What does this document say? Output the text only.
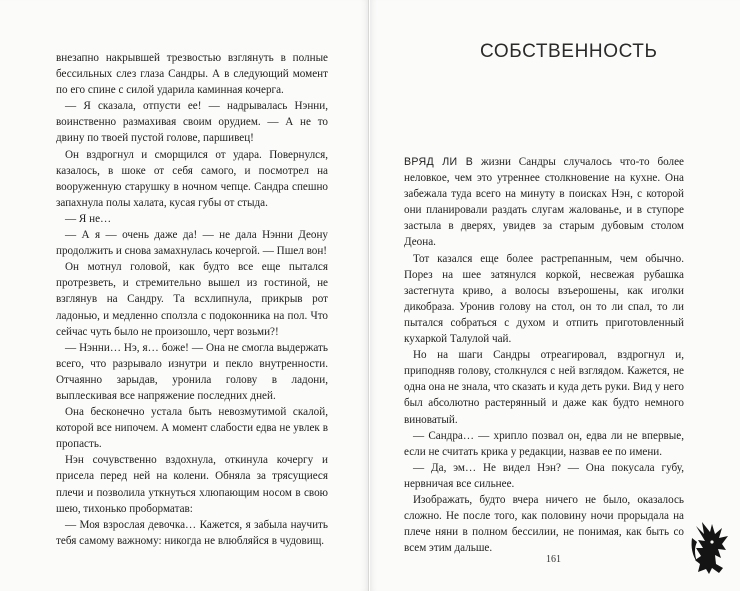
внезапно накрывшей трезвостью взглянуть в полные бессильных слез глаза Сандры. А в следующий момент по его спине с силой ударила каминная кочерга.

— Я сказала, отпусти ее! — надрывалась Нэнни, воинственно размахивая своим орудием. — А не то двину по твоей пустой голове, паршивец!

Он вздрогнул и сморщился от удара. Повернулся, казалось, в шоке от себя самого, и посмотрел на вооруженную старушку в ночном чепце. Сандра спешно запахнула полы халата, кусая губы от стыда.

— Я не…

— А я — очень даже да! — не дала Нэнни Деону продолжить и снова замахнулась кочергой. — Пшел вон!

Он мотнул головой, как будто все еще пытался протрезветь, и стремительно вышел из гостиной, не взглянув на Сандру. Та всхлипнула, прикрыв рот ладонью, и медленно сползла с подоконника на пол. Что сейчас чуть было не произошло, черт возьми?!

— Нэнни… Нэ, я… боже! — Она не смогла выдержать всего, что разрывало изнутри и пекло внутренности. Отчаянно зарыдав, уронила голову в ладони, выплескивая все напряжение последних дней.

Она бесконечно устала быть невозмутимой скалой, которой все нипочем. А момент слабости едва не увлек в пропасть.

Нэн сочувственно вздохнула, откинула кочергу и присела перед ней на колени. Обняла за трясущиеся плечи и позволила уткнуться хлюпающим носом в свою шею, тихонько проборматав:

— Моя взрослая девочка… Кажется, я забыла научить тебя самому важному: никогда не влюбляйся в чудовищ.

СОБСТВЕННОСТЬ

ВРЯД ЛИ В жизни Сандры случалось что-то более неловкое, чем это утреннее столкновение на кухне. Она забежала туда всего на минуту в поисках Нэн, с которой они планировали раздать слугам жалованье, и в ступоре застыла в дверях, увидев за старым дубовым столом Деона.

Тот казался еще более растрепанным, чем обычно. Порез на шее затянулся коркой, несвежая рубашка застегнута криво, а волосы взъерошены, как иголки дикобраза. Уронив голову на стол, он то ли спал, то ли пытался собраться с духом и отпить приготовленный кухаркой Талулой чай.

Но на шаги Сандры отреагировал, вздрогнул и, приподняв голову, столкнулся с ней взглядом. Кажется, не одна она не знала, что сказать и куда деть руки. Вид у него был абсолютно растерянный и даже как будто немного виноватый.

— Сандра… — хрипло позвал он, едва ли не впервые, если не считать крика у редакции, назвав ее по имени.

— Да, эм… Не видел Нэн? — Она покусала губу, нервничая все сильнее.

Изображать, будто вчера ничего не было, оказалось сложно. Не после того, как половину ночи прорыдала на плече няни в полном бессилии, не понимая, как быть со всем этим дальше.

161
